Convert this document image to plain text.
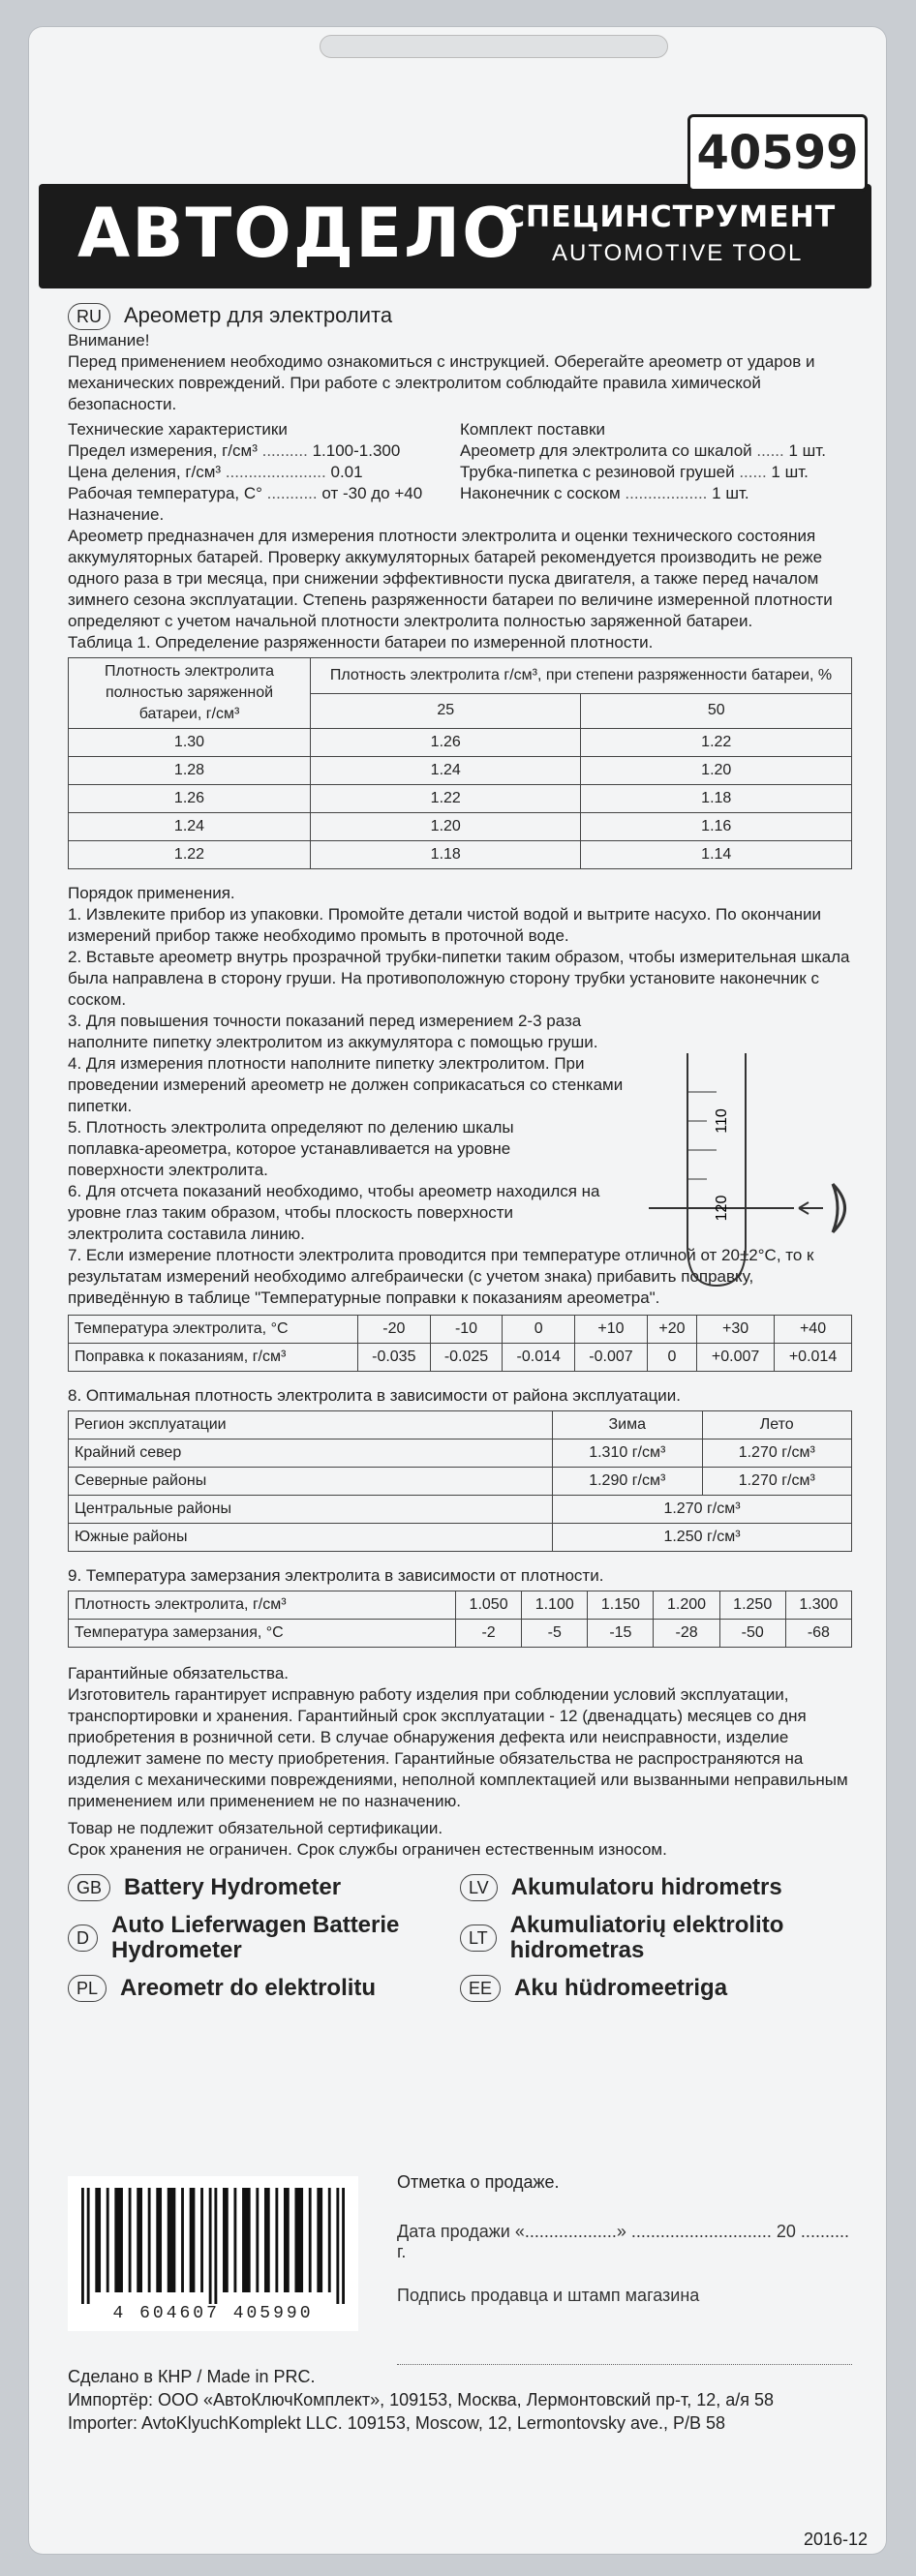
40599
АВТОДЕЛО
СПЕЦИНСТРУМЕНТ
AUTOMOTIVE TOOL
RU Ареометр для электролита

Внимание!

Перед применением необходимо ознакомиться с инструкцией. Оберегайте ареометр от ударов и механических повреждений. При работе с электролитом соблюдайте правила химической безопасности.

Технические характеристики

Предел измерения, г/см³ .......... 1.100-1.300

Цена деления, г/см³ ...................... 0.01

Рабочая температура, С° ........... от -30 до +40

Комплект поставки

Ареометр для электролита со шкалой ...... 1 шт.

Трубка-пипетка с резиновой грушей ...... 1 шт.

Наконечник с соском .................. 1 шт.

Назначение.

Ареометр предназначен для измерения плотности электролита и оценки технического состояния аккумуляторных батарей. Проверку аккумуляторных батарей рекомендуется производить не реже одного раза в три месяца, при снижении эффективности пуска двигателя, а также перед началом зимнего сезона эксплуатации. Степень разряженности батареи по величине измеренной плотности определяют с учетом начальной плотности электролита полностью заряженной батареи.

Таблица 1. Определение разряженности батареи по измеренной плотности.

Плотность электролита полностью заряженной батареи, г/см³	Плотность электролита г/см³, при степени разряженности батареи, %	
	25	50
1.30	1.26	1.22
1.28	1.24	1.20
1.26	1.22	1.18
1.24	1.20	1.16
1.22	1.18	1.14

Порядок применения.

1. Извлеките прибор из упаковки. Промойте детали чистой водой и вытрите насухо. По окончании измерений прибор также необходимо промыть в проточной воде.

2. Вставьте ареометр внутрь прозрачной трубки-пипетки таким образом, чтобы измерительная шкала была направлена в сторону груши. На противоположную сторону трубки установите наконечник с соском.

3. Для повышения точности показаний перед измерением 2-3 раза наполните пипетку электролитом из аккумулятора с помощью груши.

4. Для измерения плотности наполните пипетку электролитом. При проведении измерений ареометр не должен соприкасаться со стенками пипетки.

5. Плотность электролита определяют по делению шкалы поплавка-ареометра, которое устанавливается на уровне поверхности электролита.

6. Для отсчета показаний необходимо, чтобы ареометр находился на уровне глаз таким образом, чтобы плоскость поверхности электролита составила линию.

7. Если измерение плотности электролита проводится при температуре отличной от 20±2°С, то к результатам измерений необходимо алгебраически (с учетом знака) прибавить поправку, приведённую в таблице "Температурные поправки к показаниям ареометра".

Температура электролита, °С	-20	-10	0	+10	+20	+30	+40
Поправка к показаниям, г/см³	-0.035	-0.025	-0.014	-0.007	0	+0.007	+0.014

8. Оптимальная плотность электролита в зависимости от района эксплуатации.

Регион эксплуатации	Зима	Лето
Крайний север	1.310 г/см³	1.270 г/см³
Северные районы	1.290 г/см³	1.270 г/см³
Центральные районы	1.270 г/см³	
Южные районы	1.250 г/см³	

9. Температура замерзания электролита в зависимости от плотности.

Плотность электролита, г/см³	1.050	1.100	1.150	1.200	1.250	1.300
Температура замерзания, °С	-2	-5	-15	-28	-50	-68

Гарантийные обязательства.

Изготовитель гарантирует исправную работу изделия при соблюдении условий эксплуатации, транспортировки и хранения. Гарантийный срок эксплуатации - 12 (двенадцать) месяцев со дня приобретения в розничной сети. В случае обнаружения дефекта или неисправности, изделие подлежит замене по месту приобретения. Гарантийные обязательства не распространяются на изделия с механическими повреждениями, неполной комплектацией или вызванными неправильным применением или применением не по назначению.

Товар не подлежит обязательной сертификации.

Срок хранения не ограничен. Срок службы ограничен естественным износом.

GB Battery Hydrometer	LV Akumulatoru hidrometrs
D Auto Lieferwagen Batterie Hydrometer	LT Akumuliatorių elektrolito hidrometras
PL Areometr do elektrolitu	EE Aku hüdromeetriga
110
120
4 604607 405990

Отметка о продаже.

Дата продажи «...................» ............................. 20 .......... г.

Подпись продавца и штамп магазина

Сделано в КНР / Made in PRC.

Импортёр: ООО «АвтоКлючКомплект», 109153, Москва, Лермонтовский пр-т, 12, а/я 58

Importer: AvtoKlyuchKomplekt LLC. 109153, Moscow, 12, Lermontovsky ave., P/B 58

2016-12
